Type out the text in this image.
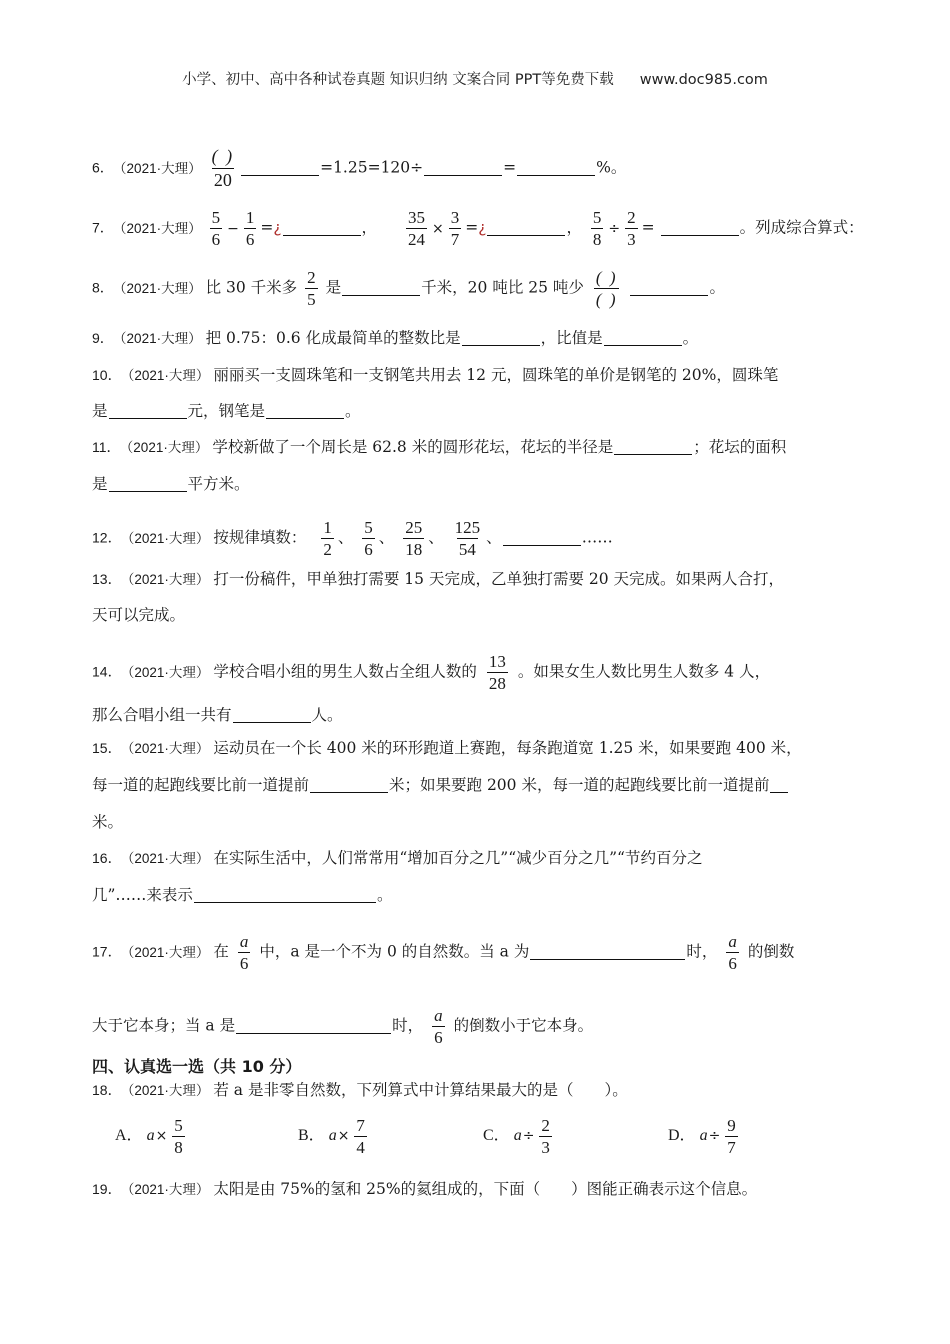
小学、初中、高中各种试卷真题 知识归纳 文案合同 PPT等免费下载 www.doc985.com
6． （2021·大理） $\frac{( )}{20}$	=1.25=120÷	=	%。
7． （2021·大理） $\frac{5}{6} - \frac{1}{6}$ =¿	， $\frac{35}{24} \times \frac{3}{7}$ =¿	， $\frac{5}{8} \div \frac{2}{3}$ =	。列成综合算式：
8． （2021·大理） 比 30 千米多 $\frac{2}{5}$ 是	千米，20 吨比 25 吨少 $\frac{( )}{( )}$	。
9． （2021·大理） 把 0.75：0.6 化成最简单的整数比是	，比值是	。
10． （2021·大理） 丽丽买一支圆珠笔和一支钢笔共用去 12 元，圆珠笔的单价是钢笔的 20%，圆珠笔
是	元，钢笔是	。
11． （2021·大理） 学校新做了一个周长是 62.8 米的圆形花坛，花坛的半径是	；花坛的面积
是	平方米。
12． （2021·大理） 按规律填数： $\frac{1}{2}$ 、 $\frac{5}{6}$ 、 $\frac{25}{18}$ 、 $\frac{125}{54}$ 、	……
13． （2021·大理） 打一份稿件，甲单独打需要 15 天完成，乙单独打需要 20 天完成。如果两人合打，
天可以完成。
14． （2021·大理） 学校合唱小组的男生人数占全组人数的 $\frac{13}{28}$ 。如果女生人数比男生人数多 4 人，
那么合唱小组一共有	人。
15． （2021·大理） 运动员在一个长 400 米的环形跑道上赛跑，每条跑道宽 1.25 米，如果要跑 400 米，
每一道的起跑线要比前一道提前	米；如果要跑 200 米，每一道的起跑线要比前一道提前
米。
16． （2021·大理） 在实际生活中，人们常常用“增加百分之几”“减少百分之几”“节约百分之
几”……来表示	。
17． （2021·大理） 在 $\frac{a}{6}$ 中，a 是一个不为 0 的自然数。当 a 为	时， $\frac{a}{6}$ 的倒数
大于它本身；当 a 是	时， $\frac{a}{6}$ 的倒数小于它本身。
四、认真选一选（共 10 分）
18． （2021·大理） 若 a 是非零自然数，下列算式中计算结果最大的是（　　）。
A． $a\times \frac{5}{8}$	B． $a\times \frac{7}{4}$	C． $a\div \frac{2}{3}$	D． $a\div \frac{9}{7}$
19． （2021·大理） 太阳是由 75%的氢和 25%的氦组成的，下面（　　）图能正确表示这个信息。
